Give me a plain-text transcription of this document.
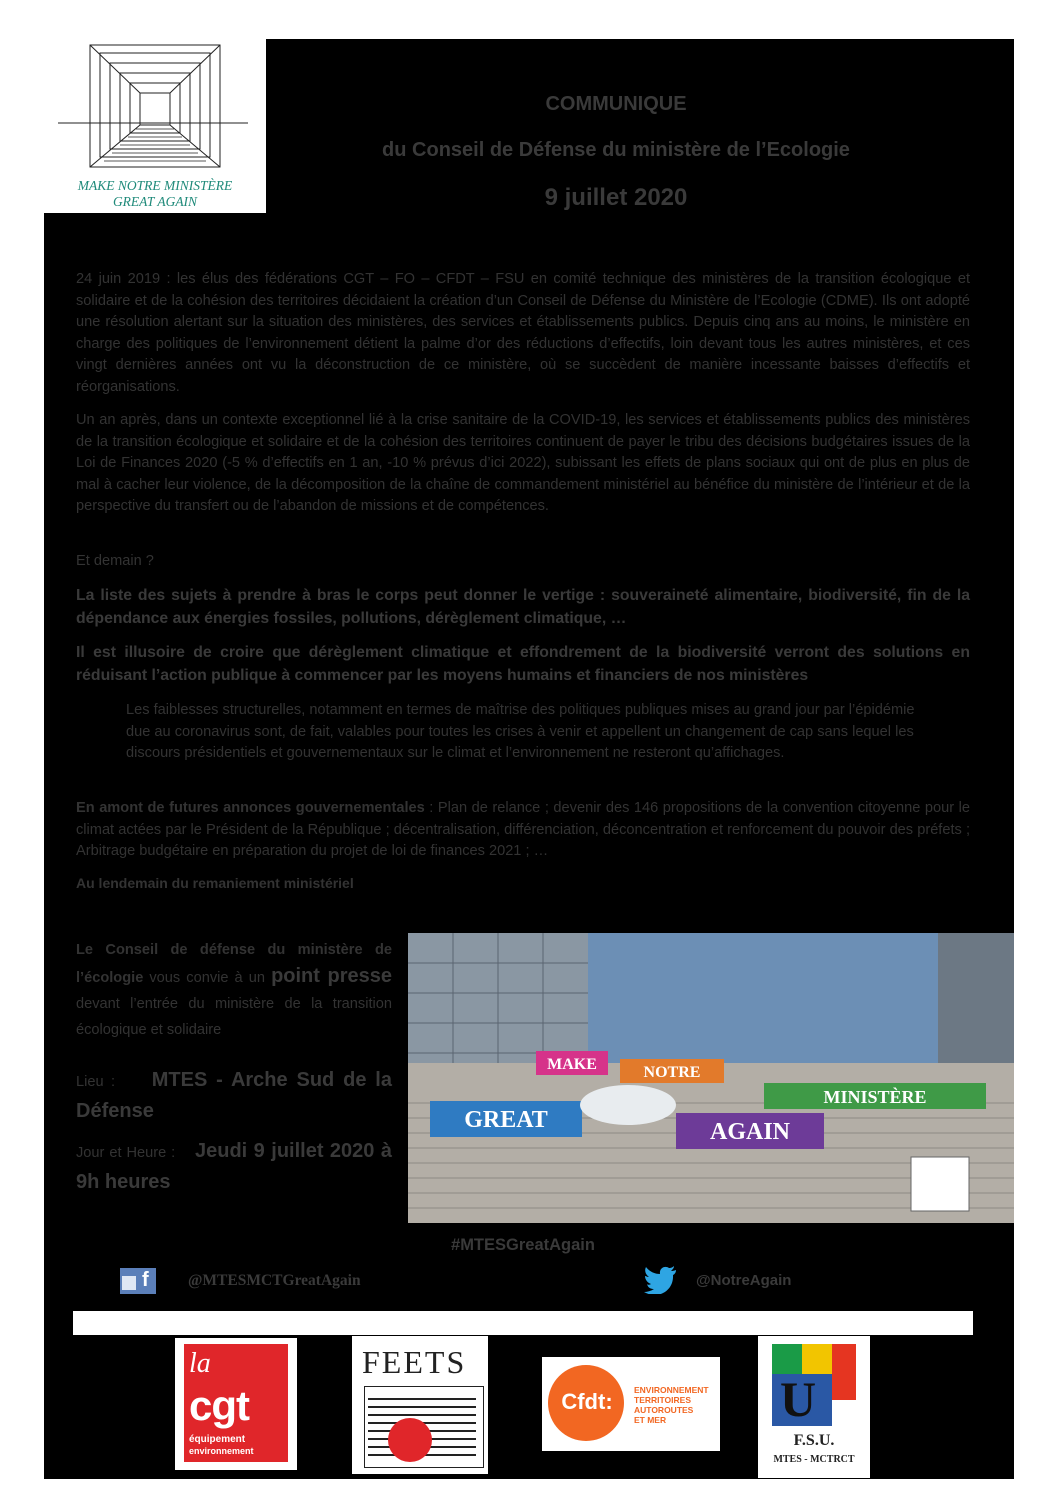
MAKE NOTRE MINISTÈRE
GREAT AGAIN
COMMUNIQUE
du Conseil de Défense du ministère de l’Ecologie
9 juillet 2020
24 juin 2019 : les élus des fédérations CGT – FO – CFDT – FSU en comité technique des ministères de la transition écologique et solidaire et de la cohésion des territoires décidaient la création d’un Conseil de Défense du Ministère de l’Ecologie (CDME). Ils ont adopté une résolution alertant sur la situation des ministères, des services et établissements publics. Depuis cinq ans au moins, le ministère en charge des politiques de l’environnement détient la palme d’or des réductions d’effectifs, loin devant tous les autres ministères, et ces vingt dernières années ont vu la déconstruction de ce ministère, où se succèdent de manière incessante baisses d’effectifs et réorganisations.
Un an après, dans un contexte exceptionnel lié à la crise sanitaire de la COVID-19, les services et établissements publics des ministères de la transition écologique et solidaire et de la cohésion des territoires continuent de payer le tribu des décisions budgétaires issues de la Loi de Finances 2020 (-5 % d’effectifs en 1 an, -10 % prévus d’ici 2022), subissant les effets de plans sociaux qui ont de plus en plus de mal à cacher leur violence, de la décomposition de la chaîne de commandement ministériel au bénéfice du ministère de l’intérieur et de la perspective du transfert ou de l’abandon de missions et de compétences.
Et demain ?
La liste des sujets à prendre à bras le corps peut donner le vertige : souveraineté alimentaire, biodiversité, fin de la dépendance aux énergies fossiles, pollutions, dérèglement climatique, …
Il est illusoire de croire que dérèglement climatique et effondrement de la biodiversité verront des solutions en réduisant l’action publique à commencer par les moyens humains et financiers de nos ministères
Les faiblesses structurelles, notamment en termes de maîtrise des politiques publiques mises au grand jour par l’épidémie due au coronavirus sont, de fait, valables pour toutes les crises à venir et appellent un changement de cap sans lequel les discours présidentiels et gouvernementaux sur le climat et l’environnement ne resteront qu’affichages.
En amont de futures annonces gouvernementales : Plan de relance ; devenir des 146 propositions de la convention citoyenne pour le climat actées par le Président de la République ; décentralisation, différenciation, déconcentration et renforcement du pouvoir des préfets ; Arbitrage budgétaire en préparation du projet de loi de finances 2021 ; …
Au lendemain du remaniement ministériel
Le Conseil de défense du ministère de l’écologie vous convie à un point presse devant l’entrée du ministère de la transition écologique et solidaire
Lieu : MTES - Arche Sud de la Défense
Jour et Heure : Jeudi 9 juillet 2020 à 9h heures
MAKE	NOTRE
MINISTÈRE
GREAT	AGAIN
#MTESGreatAgain
f	@MTESMCTGreatAgain	@NotreAgain
la
cgt
équipement
environnement
FEETS
Cfdt:	ENVIRONNEMENT
TERRITOIRES
AUTOROUTES
ET MER	U
F.S.U.
MTES - MCTRCT
